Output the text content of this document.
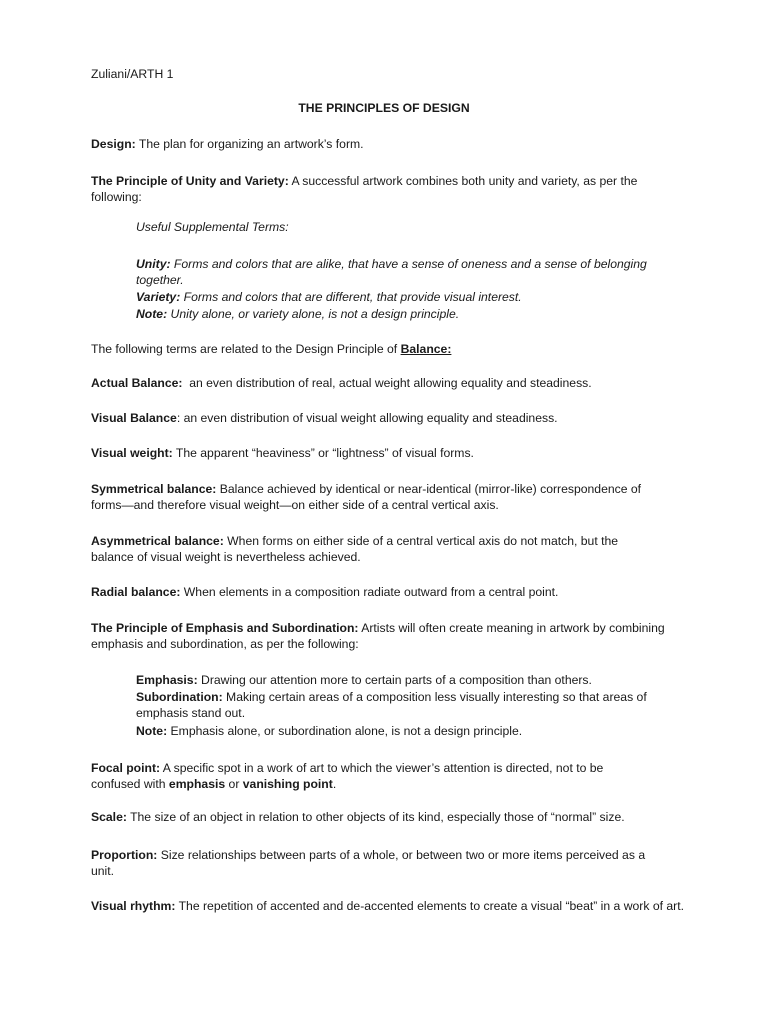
Zuliani/ARTH 1

THE PRINCIPLES OF DESIGN

Design: The plan for organizing an artwork’s form.

The Principle of Unity and Variety: A successful artwork combines both unity and variety, as per the following:

Useful Supplemental Terms:

Unity: Forms and colors that are alike, that have a sense of oneness and a sense of belonging together.

Variety: Forms and colors that are different, that provide visual interest.

Note: Unity alone, or variety alone, is not a design principle.

The following terms are related to the Design Principle of Balance:

Actual Balance:  an even distribution of real, actual weight allowing equality and steadiness.

Visual Balance: an even distribution of visual weight allowing equality and steadiness.

Visual weight: The apparent “heaviness” or “lightness” of visual forms.

Symmetrical balance: Balance achieved by identical or near-identical (mirror-like) correspondence of forms—and therefore visual weight—on either side of a central vertical axis.

Asymmetrical balance: When forms on either side of a central vertical axis do not match, but the balance of visual weight is nevertheless achieved.

Radial balance: When elements in a composition radiate outward from a central point.

The Principle of Emphasis and Subordination: Artists will often create meaning in artwork by combining emphasis and subordination, as per the following:

Emphasis: Drawing our attention more to certain parts of a composition than others.

Subordination: Making certain areas of a composition less visually interesting so that areas of emphasis stand out.

Note: Emphasis alone, or subordination alone, is not a design principle.

Focal point: A specific spot in a work of art to which the viewer’s attention is directed, not to be confused with emphasis or vanishing point.

Scale: The size of an object in relation to other objects of its kind, especially those of “normal” size.

Proportion: Size relationships between parts of a whole, or between two or more items perceived as a unit.

Visual rhythm: The repetition of accented and de-accented elements to create a visual “beat” in a work of art.
